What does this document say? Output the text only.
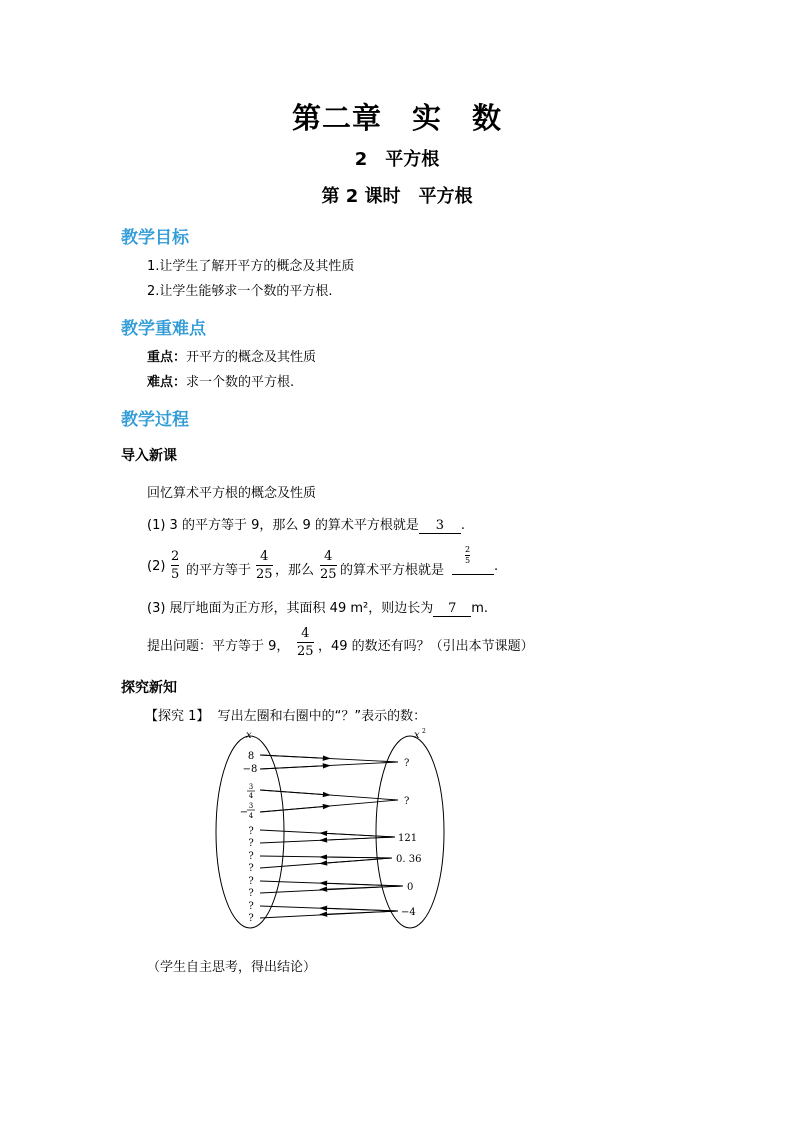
第二章　实　数
2　平方根
第 2 课时　平方根
教学目标
1.让学生了解开平方的概念及其性质
2.让学生能够求一个数的平方根.
教学重难点
重点：开平方的概念及其性质
难点：求一个数的平方根.
教学过程
导入新课
回忆算术平方根的概念及性质
(1) 3 的平方等于 9，那么 9 的算术平方根就是 3 .
(2)
2
5 的平方等于
4
25 ，那么
4
25 的算术平方根就是
2
5 .
(3) 展厅地面为正方形，其面积 49 m²，则边长为 7 m.
提出问题：平方等于 9，
4
25 ，49 的数还有吗？（引出本节课题）
探究新知
【探究 1】 写出左圈和右圈中的“？”表示的数：
x	x 2
8
−8
3
4
−
3
4
?
?
?
?
?
?
?
?
?
?
121
0. 36
0
−4
（学生自主思考，得出结论）
